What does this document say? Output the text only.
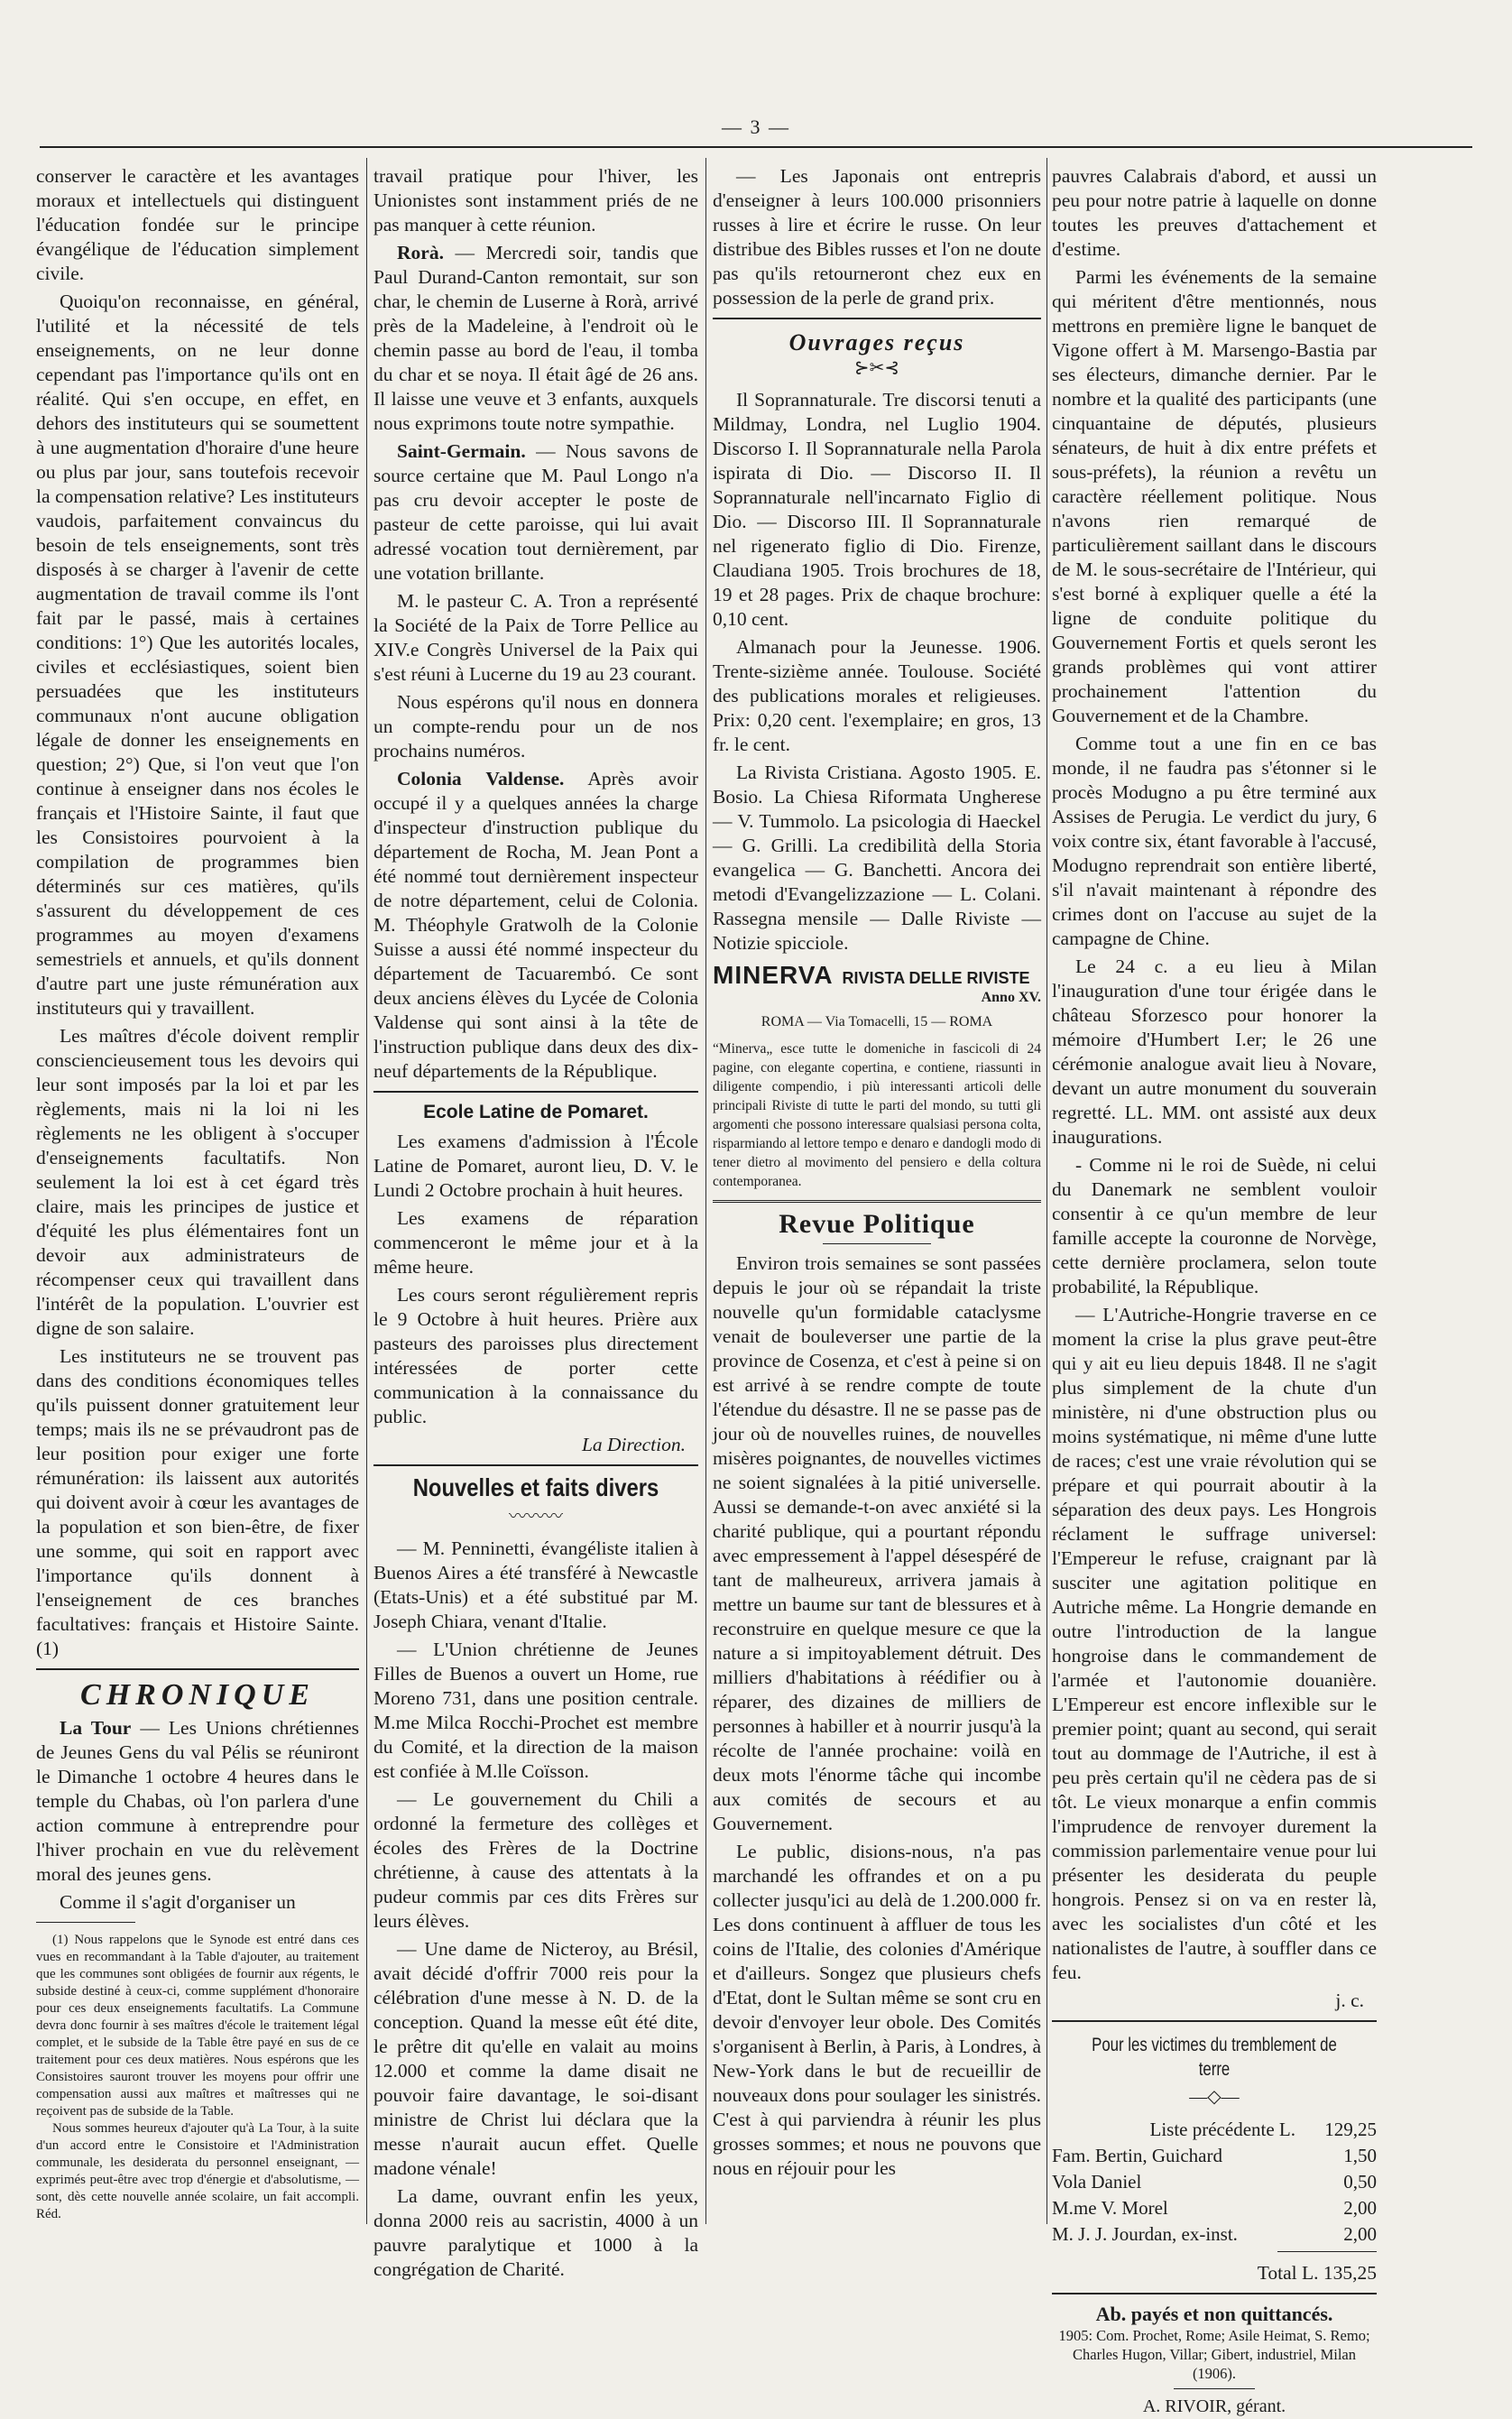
— 3 —

conserver le caractère et les avantages moraux et intellectuels qui distinguent l'éducation fondée sur le principe évangélique de l'éducation simplement civile.

Quoiqu'on reconnaisse, en général, l'utilité et la nécessité de tels enseignements, on ne leur donne cependant pas l'importance qu'ils ont en réalité. Qui s'en occupe, en effet, en dehors des instituteurs qui se soumettent à une augmentation d'horaire d'une heure ou plus par jour, sans toutefois recevoir la compensation relative? Les instituteurs vaudois, parfaitement convaincus du besoin de tels enseignements, sont très disposés à se charger à l'avenir de cette augmentation de travail comme ils l'ont fait par le passé, mais à certaines conditions: 1°) Que les autorités locales, civiles et ecclésiastiques, soient bien persuadées que les instituteurs communaux n'ont aucune obligation légale de donner les enseignements en question; 2°) Que, si l'on veut que l'on continue à enseigner dans nos écoles le français et l'Histoire Sainte, il faut que les Consistoires pourvoient à la compilation de programmes bien déterminés sur ces matières, qu'ils s'assurent du développement de ces programmes au moyen d'examens semestriels et annuels, et qu'ils donnent d'autre part une juste rémunération aux instituteurs qui y travaillent.

Les maîtres d'école doivent remplir consciencieusement tous les devoirs qui leur sont imposés par la loi et par les règlements, mais ni la loi ni les règlements ne les obligent à s'occuper d'enseignements facultatifs. Non seulement la loi est à cet égard très claire, mais les principes de justice et d'équité les plus élémentaires font un devoir aux administrateurs de récompenser ceux qui travaillent dans l'intérêt de la population. L'ouvrier est digne de son salaire.

Les instituteurs ne se trouvent pas dans des conditions économiques telles qu'ils puissent donner gratuitement leur temps; mais ils ne se prévaudront pas de leur position pour exiger une forte rémunération: ils laissent aux autorités qui doivent avoir à cœur les avantages de la population et son bien-être, de fixer une somme, qui soit en rapport avec l'importance qu'ils donnent à l'enseignement de ces branches facultatives: français et Histoire Sainte. (1)

CHRONIQUE

La Tour — Les Unions chrétiennes de Jeunes Gens du val Pélis se réuniront le Dimanche 1 octobre 4 heures dans le temple du Chabas, où l'on parlera d'une action commune à entreprendre pour l'hiver prochain en vue du relèvement moral des jeunes gens.

Comme il s'agit d'organiser un

(1) Nous rappelons que le Synode est entré dans ces vues en recommandant à la Table d'ajouter, au traitement que les communes sont obligées de fournir aux régents, le subside destiné à ceux-ci, comme supplément d'honoraire pour ces deux enseignements facultatifs. La Commune devra donc fournir à ses maîtres d'école le traitement légal complet, et le subside de la Table être payé en sus de ce traitement pour ces deux matières. Nous espérons que les Consistoires sauront trouver les moyens pour offrir une compensation aussi aux maîtres et maîtresses qui ne reçoivent pas de subside de la Table.

Nous sommes heureux d'ajouter qu'à La Tour, à la suite d'un accord entre le Consistoire et l'Administration communale, les desiderata du personnel enseignant, — exprimés peut-être avec trop d'énergie et d'absolutisme, — sont, dès cette nouvelle année scolaire, un fait accompli. Réd.

travail pratique pour l'hiver, les Unionistes sont instamment priés de ne pas manquer à cette réunion.

Rorà. — Mercredi soir, tandis que Paul Durand-Canton remontait, sur son char, le chemin de Luserne à Rorà, arrivé près de la Madeleine, à l'endroit où le chemin passe au bord de l'eau, il tomba du char et se noya. Il était âgé de 26 ans. Il laisse une veuve et 3 enfants, auxquels nous exprimons toute notre sympathie.

Saint-Germain. — Nous savons de source certaine que M. Paul Longo n'a pas cru devoir accepter le poste de pasteur de cette paroisse, qui lui avait adressé vocation tout dernièrement, par une votation brillante.

M. le pasteur C. A. Tron a représenté la Société de la Paix de Torre Pellice au XIV.e Congrès Universel de la Paix qui s'est réuni à Lucerne du 19 au 23 courant.

Nous espérons qu'il nous en donnera un compte-rendu pour un de nos prochains numéros.

Colonia Valdense. Après avoir occupé il y a quelques années la charge d'inspecteur d'instruction publique du département de Rocha, M. Jean Pont a été nommé tout dernièrement inspecteur de notre département, celui de Colonia. M. Théophyle Gratwolh de la Colonie Suisse a aussi été nommé inspecteur du département de Tacuarembó. Ce sont deux anciens élèves du Lycée de Colonia Valdense qui sont ainsi à la tête de l'instruction publique dans deux des dix-neuf départements de la République.

Ecole Latine de Pomaret.

Les examens d'admission à l'École Latine de Pomaret, auront lieu, D. V. le Lundi 2 Octobre prochain à huit heures.

Les examens de réparation commenceront le même jour et à la même heure.

Les cours seront régulièrement repris le 9 Octobre à huit heures. Prière aux pasteurs des paroisses plus directement intéressées de porter cette communication à la connaissance du public.

La Direction.
Nouvelles et faits divers
〰〰〰

— M. Penninetti, évangéliste italien à Buenos Aires a été transféré à Newcastle (Etats-Unis) et a été substitué par M. Joseph Chiara, venant d'Italie.

— L'Union chrétienne de Jeunes Filles de Buenos a ouvert un Home, rue Moreno 731, dans une position centrale. M.me Milca Rocchi-Prochet est membre du Comité, et la direction de la maison est confiée à M.lle Coïsson.

— Le gouvernement du Chili a ordonné la fermeture des collèges et écoles des Frères de la Doctrine chrétienne, à cause des attentats à la pudeur commis par ces dits Frères sur leurs élèves.

— Une dame de Nicteroy, au Brésil, avait décidé d'offrir 7000 reis pour la célébration d'une messe à N. D. de la conception. Quand la messe eût été dite, le prêtre dit qu'elle en valait au moins 12.000 et comme la dame disait ne pouvoir faire davantage, le soi-disant ministre de Christ lui déclara que la messe n'aurait aucun effet. Quelle madone vénale!

La dame, ouvrant enfin les yeux, donna 2000 reis au sacristin, 4000 à un pauvre paralytique et 1000 à la congrégation de Charité.

— Les Japonais ont entrepris d'enseigner à leurs 100.000 prisonniers russes à lire et écrire le russe. On leur distribue des Bibles russes et l'on ne doute pas qu'ils retourneront chez eux en possession de la perle de grand prix.

Ouvrages reçus
⊱✂⊰

Il Soprannaturale. Tre discorsi tenuti a Mildmay, Londra, nel Luglio 1904. Discorso I. Il Soprannaturale nella Parola ispirata di Dio. — Discorso II. Il Soprannaturale nell'incarnato Figlio di Dio. — Discorso III. Il Soprannaturale nel rigenerato figlio di Dio. Firenze, Claudiana 1905. Trois brochures de 18, 19 et 28 pages. Prix de chaque brochure: 0,10 cent.

Almanach pour la Jeunesse. 1906. Trente-sizième année. Toulouse. Société des publications morales et religieuses. Prix: 0,20 cent. l'exemplaire; en gros, 13 fr. le cent.

La Rivista Cristiana. Agosto 1905. E. Bosio. La Chiesa Riformata Ungherese — V. Tummolo. La psicologia di Haeckel — G. Grilli. La credibilità della Storia evangelica — G. Banchetti. Ancora dei metodi d'Evangelizzazione — L. Colani. Rassegna mensile — Dalle Riviste — Notizie spicciole.

MINERVA RIVISTA DELLE RIVISTE
Anno XV.
ROMA — Via Tomacelli, 15 — ROMA
“Minerva„ esce tutte le domeniche in fascicoli di 24 pagine, con elegante copertina, e contiene, riassunti in diligente compendio, i più interessanti articoli delle principali Riviste di tutte le parti del mondo, su tutti gli argomenti che possono interessare qualsiasi persona colta, risparmiando al lettore tempo e denaro e dandogli modo di tener dietro al movimento del pensiero e della coltura contemporanea.
Revue Politique

Environ trois semaines se sont passées depuis le jour où se répandait la triste nouvelle qu'un formidable cataclysme venait de bouleverser une partie de la province de Cosenza, et c'est à peine si on est arrivé à se rendre compte de toute l'étendue du désastre. Il ne se passe pas de jour où de nouvelles ruines, de nouvelles misères poignantes, de nouvelles victimes ne soient signalées à la pitié universelle. Aussi se demande-t-on avec anxiété si la charité publique, qui a pourtant répondu avec empressement à l'appel désespéré de tant de malheureux, arrivera jamais à mettre un baume sur tant de blessures et à reconstruire en quelque mesure ce que la nature a si impitoyablement détruit. Des milliers d'habitations à réédifier ou à réparer, des dizaines de milliers de personnes à habiller et à nourrir jusqu'à la récolte de l'année prochaine: voilà en deux mots l'énorme tâche qui incombe aux comités de secours et au Gouvernement.

Le public, disions-nous, n'a pas marchandé les offrandes et on a pu collecter jusqu'ici au delà de 1.200.000 fr. Les dons continuent à affluer de tous les coins de l'Italie, des colonies d'Amérique et d'ailleurs. Songez que plusieurs chefs d'Etat, dont le Sultan même se sont cru en devoir d'envoyer leur obole. Des Comités s'organisent à Berlin, à Paris, à Londres, à New-York dans le but de recueillir de nouveaux dons pour soulager les sinistrés. C'est à qui parviendra à réunir les plus grosses sommes; et nous ne pouvons que nous en réjouir pour les

pauvres Calabrais d'abord, et aussi un peu pour notre patrie à laquelle on donne toutes les preuves d'attachement et d'estime.

Parmi les événements de la semaine qui méritent d'être mentionnés, nous mettrons en première ligne le banquet de Vigone offert à M. Marsengo-Bastia par ses électeurs, dimanche dernier. Par le nombre et la qualité des participants (une cinquantaine de députés, plusieurs sénateurs, de huit à dix entre préfets et sous-préfets), la réunion a revêtu un caractère réellement politique. Nous n'avons rien remarqué de particulièrement saillant dans le discours de M. le sous-secrétaire de l'Intérieur, qui s'est borné à expliquer quelle a été la ligne de conduite politique du Gouvernement Fortis et quels seront les grands problèmes qui vont attirer prochainement l'attention du Gouvernement et de la Chambre.

Comme tout a une fin en ce bas monde, il ne faudra pas s'étonner si le procès Modugno a pu être terminé aux Assises de Perugia. Le verdict du jury, 6 voix contre six, étant favorable à l'accusé, Modugno reprendrait son entière liberté, s'il n'avait maintenant à répondre des crimes dont on l'accuse au sujet de la campagne de Chine.

Le 24 c. a eu lieu à Milan l'inauguration d'une tour érigée dans le château Sforzesco pour honorer la mémoire d'Humbert I.er; le 26 une cérémonie analogue avait lieu à Novare, devant un autre monument du souverain regretté. LL. MM. ont assisté aux deux inaugurations.

- Comme ni le roi de Suède, ni celui du Danemark ne semblent vouloir consentir à ce qu'un membre de leur famille accepte la couronne de Norvège, cette dernière proclamera, selon toute probabilité, la République.

— L'Autriche-Hongrie traverse en ce moment la crise la plus grave peut-être qui y ait eu lieu depuis 1848. Il ne s'agit plus simplement de la chute d'un ministère, ni d'une obstruction plus ou moins systématique, ni même d'une lutte de races; c'est une vraie révolution qui se prépare et qui pourrait aboutir à la séparation des deux pays. Les Hongrois réclament le suffrage universel: l'Empereur le refuse, craignant par là susciter une agitation politique en Autriche même. La Hongrie demande en outre l'introduction de la langue hongroise dans le commandement de l'armée et l'autonomie douanière. L'Empereur est encore inflexible sur le premier point; quant au second, qui serait tout au dommage de l'Autriche, il est à peu près certain qu'il ne cèdera pas de si tôt. Le vieux monarque a enfin commis l'imprudence de renvoyer durement la commission parlementaire venue pour lui présenter les desiderata du peuple hongrois. Pensez si on va en rester là, avec les socialistes d'un côté et les nationalistes de l'autre, à souffler dans ce feu.

j. c.
Pour les victimes du tremblement de terre
—◇—
Liste précédente L.	129,25
Fam. Bertin, Guichard	1,50
Vola Daniel	0,50
M.me V. Morel	2,00
M. J. J. Jourdan, ex-inst.	2,00
Total L. 135,25
Ab. payés et non quittancés.
1905: Com. Prochet, Rome; Asile Heimat, S. Remo; Charles Hugon, Villar; Gibert, industriel, Milan (1906).
A. RIVOIR, gérant.
